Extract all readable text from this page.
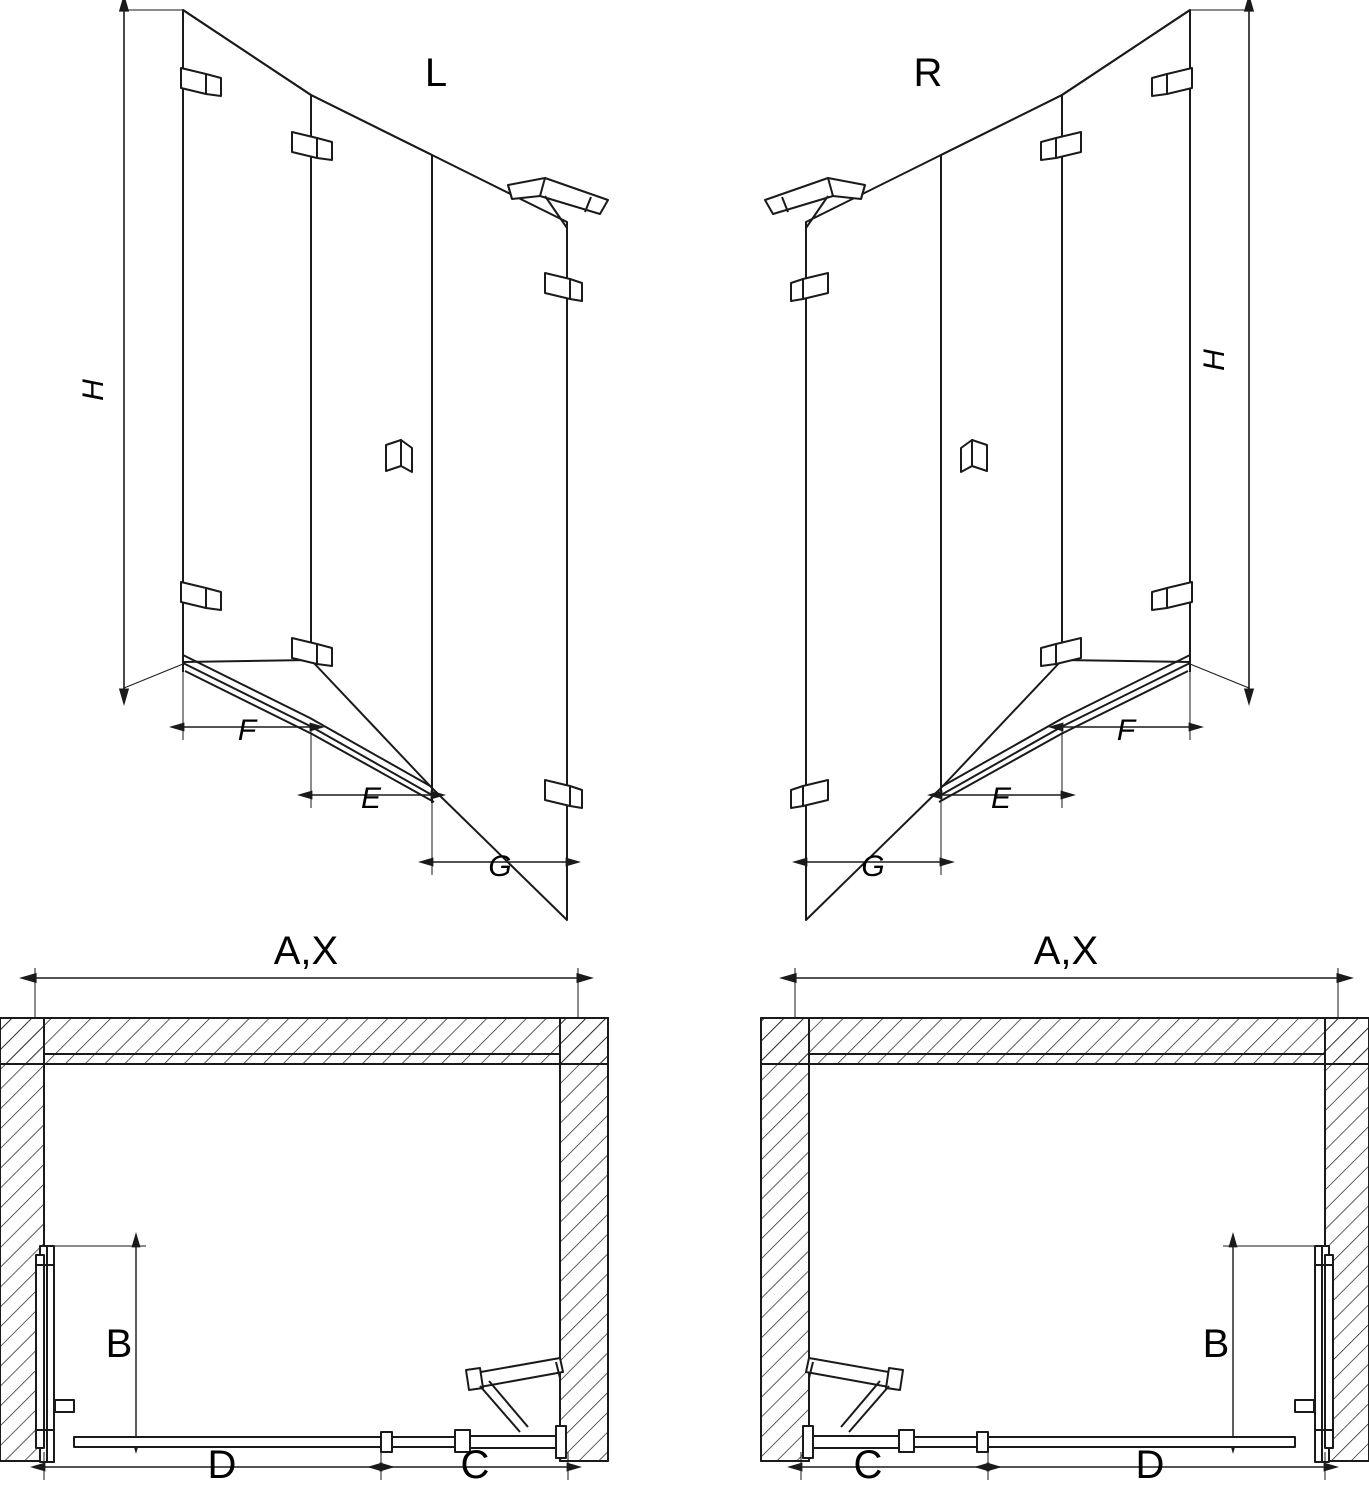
L	R
H
H
F
E
G
F
E
G
A,X	A,X
B	B
D	C	C	D
